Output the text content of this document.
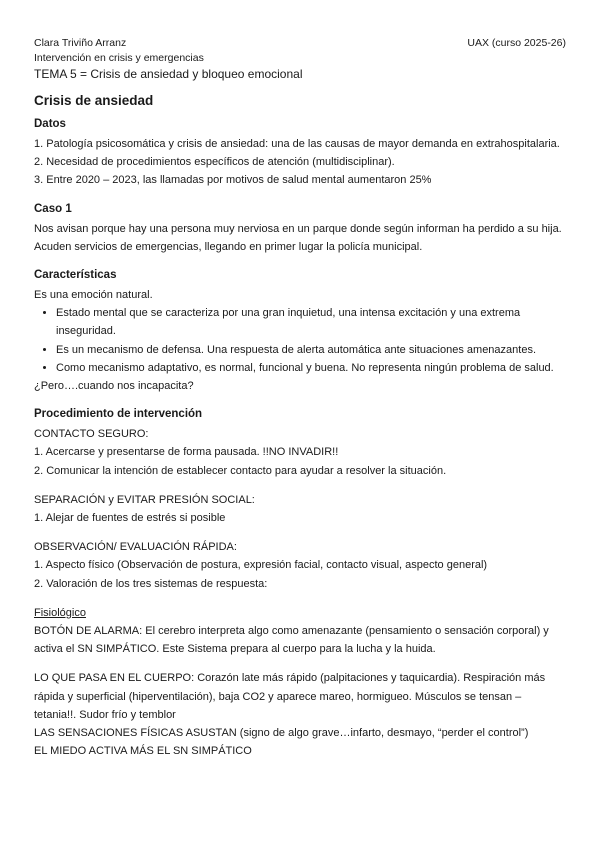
Clara Triviño Arranz	UAX (curso 2025-26)
Intervención en crisis y emergencias
TEMA 5 = Crisis de ansiedad y bloqueo emocional
Crisis de ansiedad
Datos

1. Patología psicosomática y crisis de ansiedad: una de las causas de mayor demanda en extrahospitalaria.

2. Necesidad de procedimientos específicos de atención (multidisciplinar).

3. Entre 2020 – 2023, las llamadas por motivos de salud mental aumentaron 25%

Caso 1

Nos avisan porque hay una persona muy nerviosa en un parque donde según informan ha perdido a su hija. Acuden servicios de emergencias, llegando en primer lugar la policía municipal.

Características

Es una emoción natural.

• Estado mental que se caracteriza por una gran inquietud, una intensa excitación y una extrema inseguridad.
• Es un mecanismo de defensa. Una respuesta de alerta automática ante situaciones amenazantes.
• Como mecanismo adaptativo, es normal, funcional y buena. No representa ningún problema de salud.

¿Pero….cuando nos incapacita?

Procedimiento de intervención

CONTACTO SEGURO:

1. Acercarse y presentarse de forma pausada. !!NO INVADIR!!

2. Comunicar la intención de establecer contacto para ayudar a resolver la situación.

SEPARACIÓN y EVITAR PRESIÓN SOCIAL:

1. Alejar de fuentes de estrés si posible

OBSERVACIÓN/ EVALUACIÓN RÁPIDA:

1. Aspecto físico (Observación de postura, expresión facial, contacto visual, aspecto general)

2. Valoración de los tres sistemas de respuesta:

Fisiológico

BOTÓN DE ALARMA: El cerebro interpreta algo como amenazante (pensamiento o sensación corporal) y activa el SN SIMPÁTICO. Este Sistema prepara al cuerpo para la lucha y la huida.

LO QUE PASA EN EL CUERPO: Corazón late más rápido (palpitaciones y taquicardia). Respiración más rápida y superficial (hiperventilación), baja CO2 y aparece mareo, hormigueo. Músculos se tensan – tetania!!. Sudor frío y temblor

LAS SENSACIONES FÍSICAS ASUSTAN (signo de algo grave…infarto, desmayo, “perder el control”)

EL MIEDO ACTIVA MÁS EL SN SIMPÁTICO
